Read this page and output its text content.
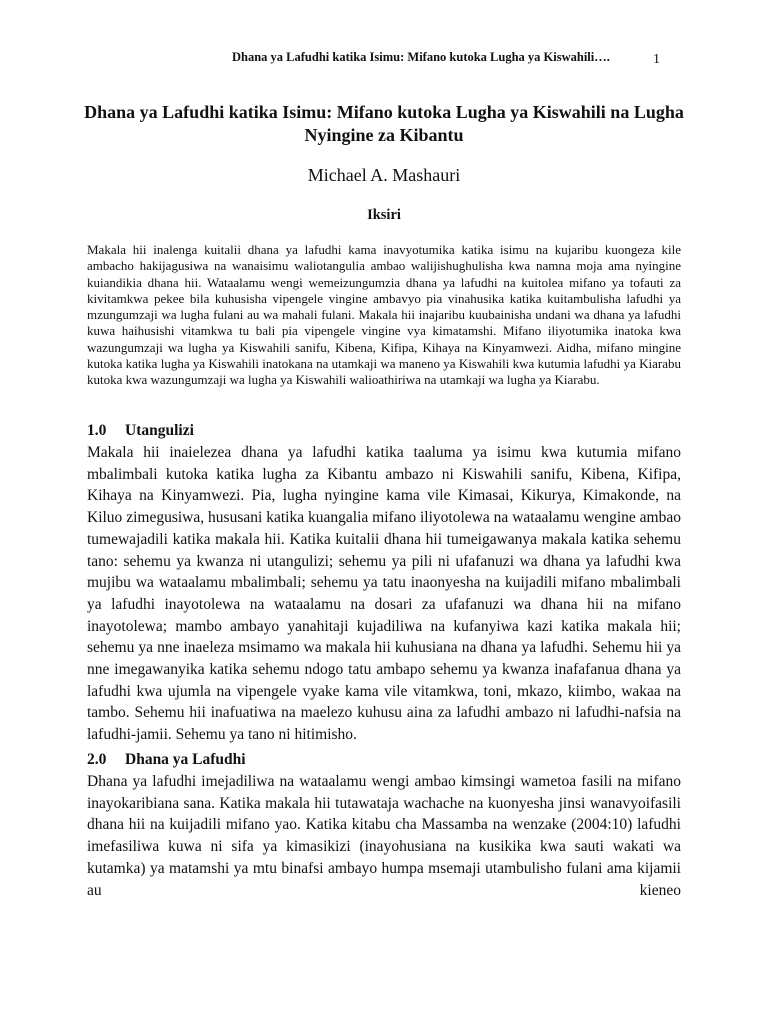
Dhana ya Lafudhi katika Isimu: Mifano kutoka Lugha ya Kiswahili….	1
Dhana ya Lafudhi katika Isimu: Mifano kutoka Lugha ya Kiswahili na Lugha Nyingine za Kibantu
Michael A. Mashauri
Iksiri

Makala hii inalenga kuitalii dhana ya lafudhi kama inavyotumika katika isimu na kujaribu kuongeza kile ambacho hakijagusiwa na wanaisimu waliotangulia ambao walijishughulisha kwa namna moja ama nyingine kuiandikia dhana hii. Wataalamu wengi wemeizungumzia dhana ya lafudhi na kuitolea mifano ya tofauti za kivitamkwa pekee bila kuhusisha vipengele vingine ambavyo pia vinahusika katika kuitambulisha lafudhi ya mzungumzaji wa lugha fulani au wa mahali fulani. Makala hii inajaribu kuubainisha undani wa dhana ya lafudhi kuwa haihusishi vitamkwa tu bali pia vipengele vingine vya kimatamshi. Mifano iliyotumika inatoka kwa wazungumzaji wa lugha ya Kiswahili sanifu, Kibena, Kifipa, Kihaya na Kinyamwezi. Aidha, mifano mingine kutoka katika lugha ya Kiswahili inatokana na utamkaji wa maneno ya Kiswahili kwa kutumia lafudhi ya Kiarabu kutoka kwa wazungumzaji wa lugha ya Kiswahili walioathiriwa na utamkaji wa lugha ya Kiarabu.

1.0 Utangulizi

Makala hii inaielezea dhana ya lafudhi katika taaluma ya isimu kwa kutumia mifano mbalimbali kutoka katika lugha za Kibantu ambazo ni Kiswahili sanifu, Kibena, Kifipa, Kihaya na Kinyamwezi. Pia, lugha nyingine kama vile Kimasai, Kikurya, Kimakonde, na Kiluo zimegusiwa, hususani katika kuangalia mifano iliyotolewa na wataalamu wengine ambao tumewajadili katika makala hii. Katika kuitalii dhana hii tumeigawanya makala katika sehemu tano: sehemu ya kwanza ni utangulizi; sehemu ya pili ni ufafanuzi wa dhana ya lafudhi kwa mujibu wa wataalamu mbalimbali; sehemu ya tatu inaonyesha na kuijadili mifano mbalimbali ya lafudhi inayotolewa na wataalamu na dosari za ufafanuzi wa dhana hii na mifano inayotolewa; mambo ambayo yanahitaji kujadiliwa na kufanyiwa kazi katika makala hii; sehemu ya nne inaeleza msimamo wa makala hii kuhusiana na dhana ya lafudhi. Sehemu hii ya nne imegawanyika katika sehemu ndogo tatu ambapo sehemu ya kwanza inafafanua dhana ya lafudhi kwa ujumla na vipengele vyake kama vile vitamkwa, toni, mkazo, kiimbo, wakaa na tambo. Sehemu hii inafuatiwa na maelezo kuhusu aina za lafudhi ambazo ni lafudhi-nafsia na lafudhi-jamii. Sehemu ya tano ni hitimisho.

2.0 Dhana ya Lafudhi

Dhana ya lafudhi imejadiliwa na wataalamu wengi ambao kimsingi wametoa fasili na mifano inayokaribiana sana. Katika makala hii tutawataja wachache na kuonyesha jinsi wanavyoifasili dhana hii na kuijadili mifano yao. Katika kitabu cha Massamba na wenzake (2004:10) lafudhi imefasiliwa kuwa ni sifa ya kimasikizi (inayohusiana na kusikika kwa sauti wakati wa kutamka) ya matamshi ya mtu binafsi ambayo humpa msemaji utambulisho fulani ama kijamii au kieneo
